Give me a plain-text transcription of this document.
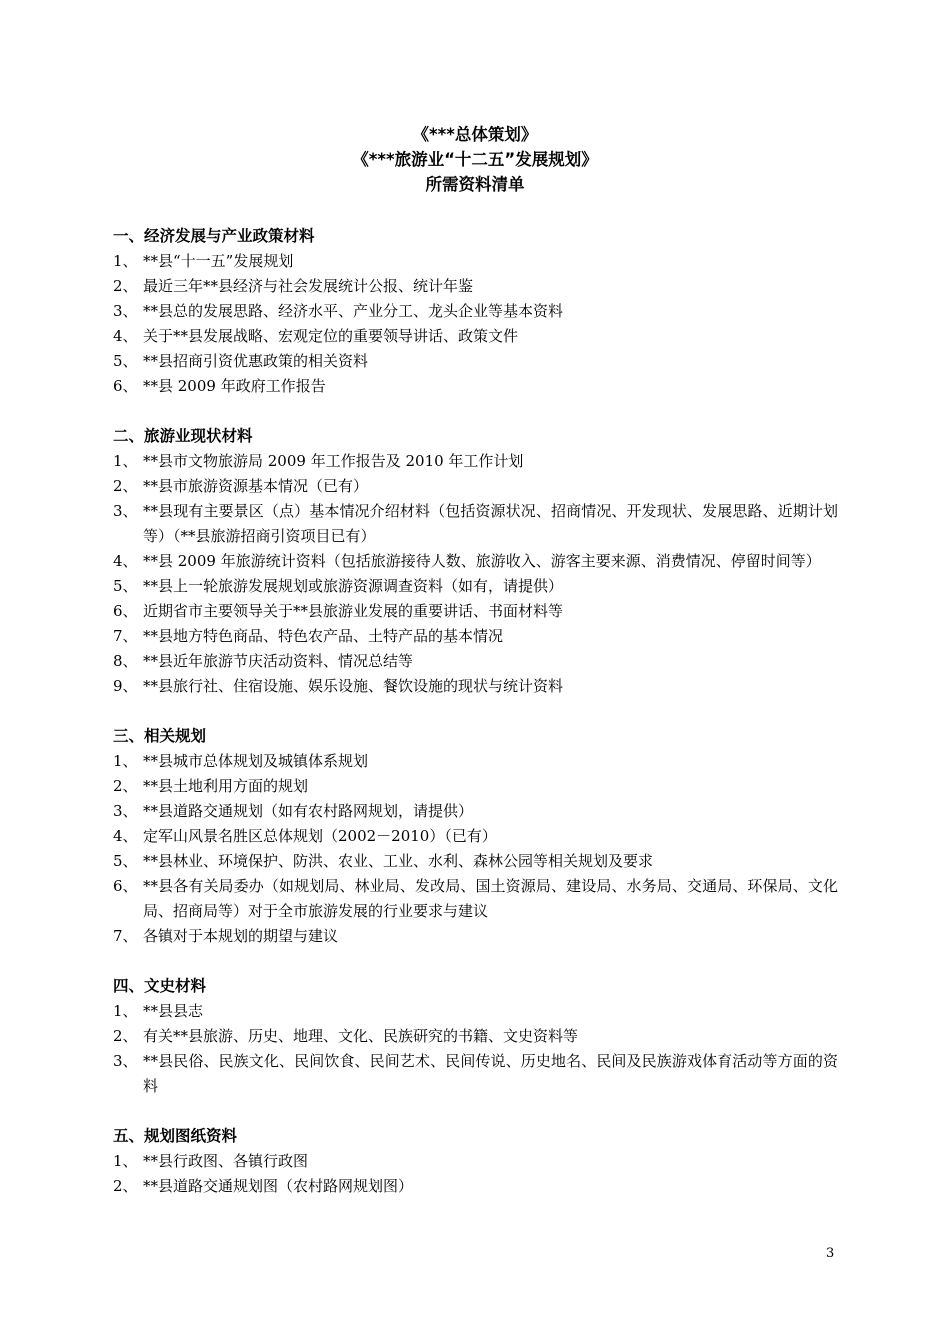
《***总体策划》
《***旅游业“十二五”发展规划》
所需资料清单
一、经济发展与产业政策材料
1、 **县“十一五”发展规划
2、 最近三年**县经济与社会发展统计公报、统计年鉴
3、 **县总的发展思路、经济水平、产业分工、龙头企业等基本资料
4、 关于**县发展战略、宏观定位的重要领导讲话、政策文件
5、 **县招商引资优惠政策的相关资料
6、 **县 2009 年政府工作报告
二、旅游业现状材料
1、 **县市文物旅游局 2009 年工作报告及 2010 年工作计划
2、 **县市旅游资源基本情况（已有）
3、 **县现有主要景区（点）基本情况介绍材料（包括资源状况、招商情况、开发现状、发展思路、近期计划等）（**县旅游招商引资项目已有）
4、 **县 2009 年旅游统计资料（包括旅游接待人数、旅游收入、游客主要来源、消费情况、停留时间等）
5、 **县上一轮旅游发展规划或旅游资源调查资料（如有，请提供）
6、 近期省市主要领导关于**县旅游业发展的重要讲话、书面材料等
7、 **县地方特色商品、特色农产品、土特产品的基本情况
8、 **县近年旅游节庆活动资料、情况总结等
9、 **县旅行社、住宿设施、娱乐设施、餐饮设施的现状与统计资料
三、相关规划
1、 **县城市总体规划及城镇体系规划
2、 **县土地利用方面的规划
3、 **县道路交通规划（如有农村路网规划，请提供）
4、 定军山风景名胜区总体规划（2002－2010）（已有）
5、 **县林业、环境保护、防洪、农业、工业、水利、森林公园等相关规划及要求
6、 **县各有关局委办（如规划局、林业局、发改局、国土资源局、建设局、水务局、交通局、环保局、文化局、招商局等）对于全市旅游发展的行业要求与建议
7、 各镇对于本规划的期望与建议
四、文史材料
1、 **县县志
2、 有关**县旅游、历史、地理、文化、民族研究的书籍、文史资料等
3、 **县民俗、民族文化、民间饮食、民间艺术、民间传说、历史地名、民间及民族游戏体育活动等方面的资料
五、规划图纸资料
1、 **县行政图、各镇行政图
2、 **县道路交通规划图（农村路网规划图）
3
